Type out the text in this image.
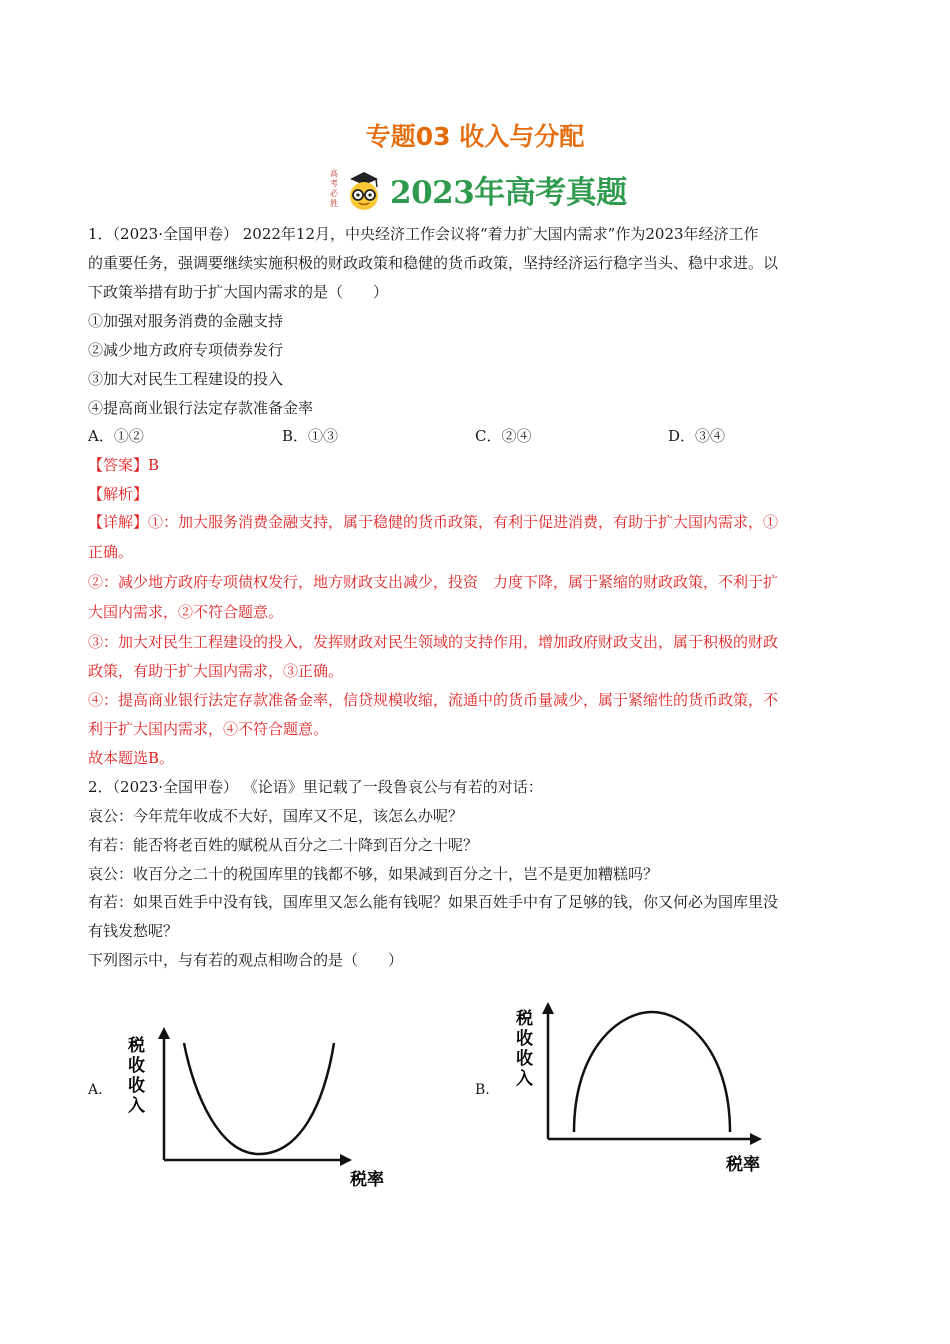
专题03 收入与分配
高考必胜 2023年高考真题
1．（2023·全国甲卷） 2022年12月，中央经济工作会议将“着力扩大国内需求”作为2023年经济工作
的重要任务，强调要继续实施积极的财政政策和稳健的货币政策，坚持经济运行稳字当头、稳中求进。以
下政策举措有助于扩大国内需求的是（　　）
①加强对服务消费的金融支持
②减少地方政府专项债券发行
③加大对民生工程建设的投入
④提高商业银行法定存款准备金率
A．①②	B．①③	C．②④	D．③④
【答案】B
【解析】
【详解】①：加大服务消费金融支持，属于稳健的货币政策，有利于促进消费，有助于扩大国内需求，①
正确。
②：减少地方政府专项债权发行，地方财政支出减少，投资　力度下降，属于紧缩的财政政策，不利于扩
大国内需求，②不符合题意。
③：加大对民生工程建设的投入，发挥财政对民生领域的支持作用，增加政府财政支出，属于积极的财政
政策，有助于扩大国内需求，③正确。
④：提高商业银行法定存款准备金率，信贷规模收缩，流通中的货币量减少，属于紧缩性的货币政策，不
利于扩大国内需求，④不符合题意。
故本题选B。
2．（2023·全国甲卷） 《论语》里记载了一段鲁哀公与有若的对话：
哀公：今年荒年收成不大好，国库又不足，该怎么办呢？
有若：能否将老百姓的赋税从百分之二十降到百分之十呢？
哀公：收百分之二十的税国库里的钱都不够，如果减到百分之十，岂不是更加糟糕吗？
有若：如果百姓手中没有钱，国库里又怎么能有钱呢？如果百姓手中有了足够的钱，你又何必为国库里没
有钱发愁呢？
下列图示中，与有若的观点相吻合的是（　　）
A.
税
收
收
入
税率
B.
税
收
收
入
税率
